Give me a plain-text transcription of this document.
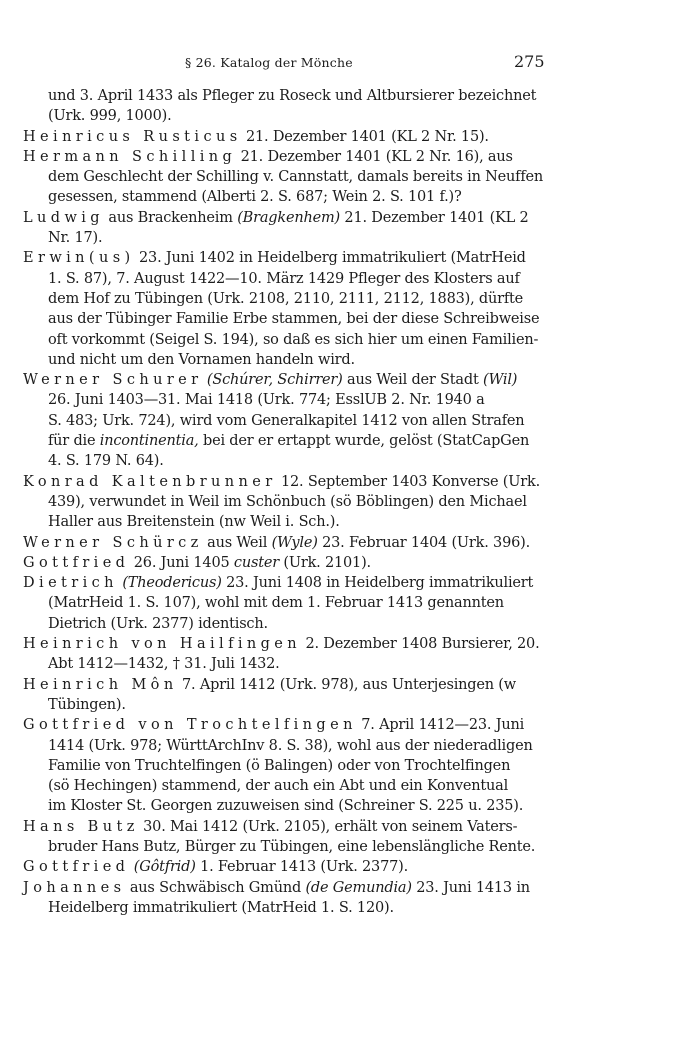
§ 26. Katalog der Mönche	275

und 3. April 1433 als Pfleger zu Roseck und Altbursierer bezeichnet
(Urk. 999, 1000).

Heinricus Rusticus 21. Dezember 1401 (KL 2 Nr. 15).

Hermann Schilling 21. Dezember 1401 (KL 2 Nr. 16), aus
dem Geschlecht der Schilling v. Cannstatt, damals bereits in Neuffen
gesessen, stammend (Alberti 2. S. 687; Wein 2. S. 101 f.)?

Ludwig aus Brackenheim (Bragkenhem) 21. Dezember 1401 (KL 2
Nr. 17).

Erwin(us) 23. Juni 1402 in Heidelberg immatrikuliert (MatrHeid
1. S. 87), 7. August 1422—10. März 1429 Pfleger des Klosters auf
dem Hof zu Tübingen (Urk. 2108, 2110, 2111, 2112, 1883), dürfte
aus der Tübinger Familie Erbe stammen, bei der diese Schreibweise
oft vorkommt (Seigel S. 194), so daß es sich hier um einen Familien-
und nicht um den Vornamen handeln wird.

Werner Schurer (Schúrer, Schirrer) aus Weil der Stadt (Wil)
26. Juni 1403—31. Mai 1418 (Urk. 774; EsslUB 2. Nr. 1940 a
S. 483; Urk. 724), wird vom Generalkapitel 1412 von allen Strafen
für die incontinentia, bei der er ertappt wurde, gelöst (StatCapGen
4. S. 179 N. 64).

Konrad Kaltenbrunner 12. September 1403 Konverse (Urk.
439), verwundet in Weil im Schönbuch (sö Böblingen) den Michael
Haller aus Breitenstein (nw Weil i. Sch.).

Werner Schürcz aus Weil (Wyle) 23. Februar 1404 (Urk. 396).

Gottfried 26. Juni 1405 custer (Urk. 2101).

Dietrich (Theodericus) 23. Juni 1408 in Heidelberg immatrikuliert
(MatrHeid 1. S. 107), wohl mit dem 1. Februar 1413 genannten
Dietrich (Urk. 2377) identisch.

Heinrich von Hailfingen 2. Dezember 1408 Bursierer, 20.
Abt 1412—1432, † 31. Juli 1432.

Heinrich Môn 7. April 1412 (Urk. 978), aus Unterjesingen (w
Tübingen).

Gottfried von Trochtelfingen 7. April 1412—23. Juni
1414 (Urk. 978; WürttArchInv 8. S. 38), wohl aus der niederadligen
Familie von Truchtelfingen (ö Balingen) oder von Trochtelfingen
(sö Hechingen) stammend, der auch ein Abt und ein Konventual
im Kloster St. Georgen zuzuweisen sind (Schreiner S. 225 u. 235).

Hans Butz 30. Mai 1412 (Urk. 2105), erhält von seinem Vaters-
bruder Hans Butz, Bürger zu Tübingen, eine lebenslängliche Rente.

Gottfried (Gôtfrid) 1. Februar 1413 (Urk. 2377).

Johannes aus Schwäbisch Gmünd (de Gemundia) 23. Juni 1413 in
Heidelberg immatrikuliert (MatrHeid 1. S. 120).
